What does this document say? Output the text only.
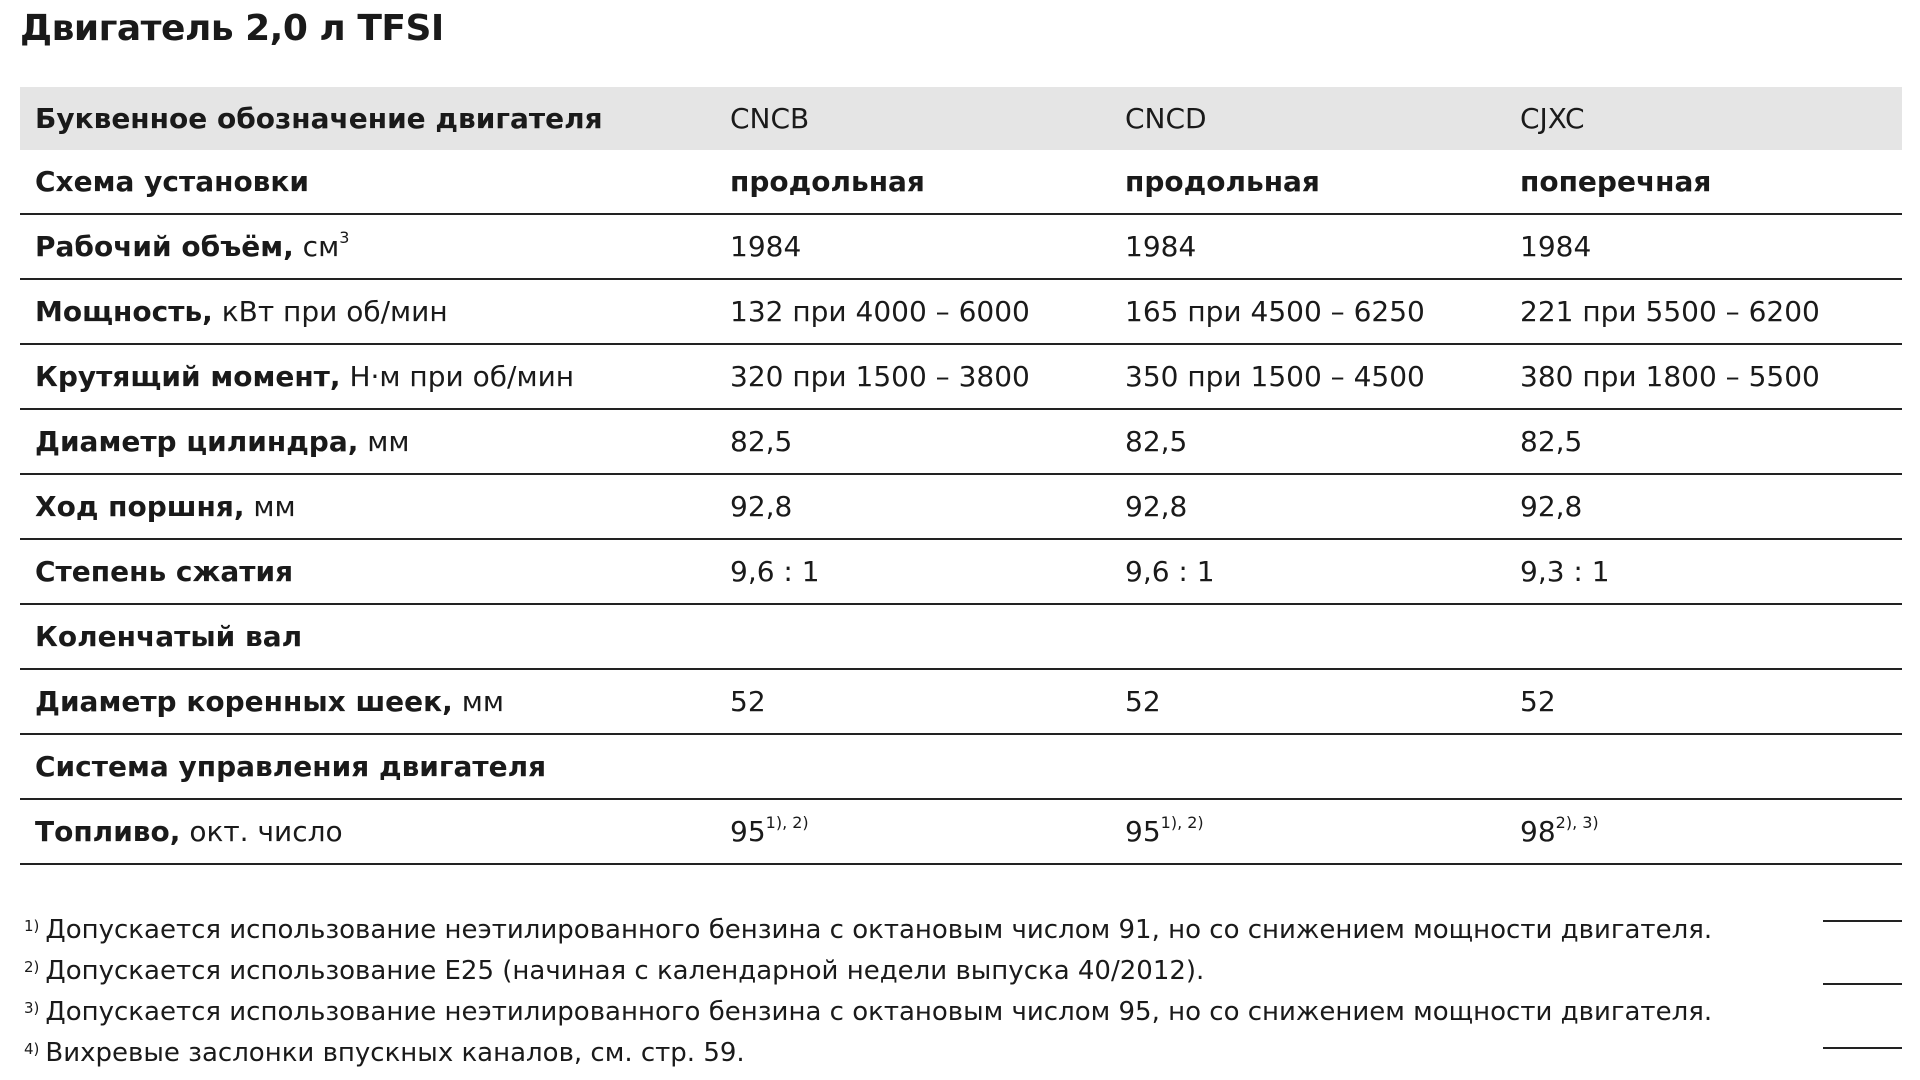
Двигатель 2,0 л TFSI
Буквенное обозначение двигателя	CNCB	CNCD	CJXC
Схема установки	продольная	продольная	поперечная
Рабочий объём, $см^3$	1984	1984	1984
Мощность, кВт при об/мин	132 при 4000 – 6000	165 при 4500 – 6250	221 при 5500 – 6200
Крутящий момент, Н·м при об/мин	320 при 1500 – 3800	350 при 1500 – 4500	380 при 1800 – 5500
Диаметр цилиндра, мм	82,5	82,5	82,5
Ход поршня, мм	92,8	92,8	92,8
Степень сжатия	9,6 : 1	9,6 : 1	9,3 : 1
Коленчатый вал			
Диаметр коренных шеек, мм	52	52	52
Система управления двигателя			
Топливо, окт. число	$95^{1), 2)}$	$95^{1), 2)}$	$98^{2), 3)}$
$^{1)}$ Допускается использование неэтилированного бензина с октановым числом 91, но со снижением мощности двигателя.
$^{2)}$ Допускается использование E25 (начиная с календарной недели выпуска 40/2012).
$^{3)}$ Допускается использование неэтилированного бензина с октановым числом 95, но со снижением мощности двигателя.
$^{4)}$ Вихревые заслонки впускных каналов, см. стр. 59.
